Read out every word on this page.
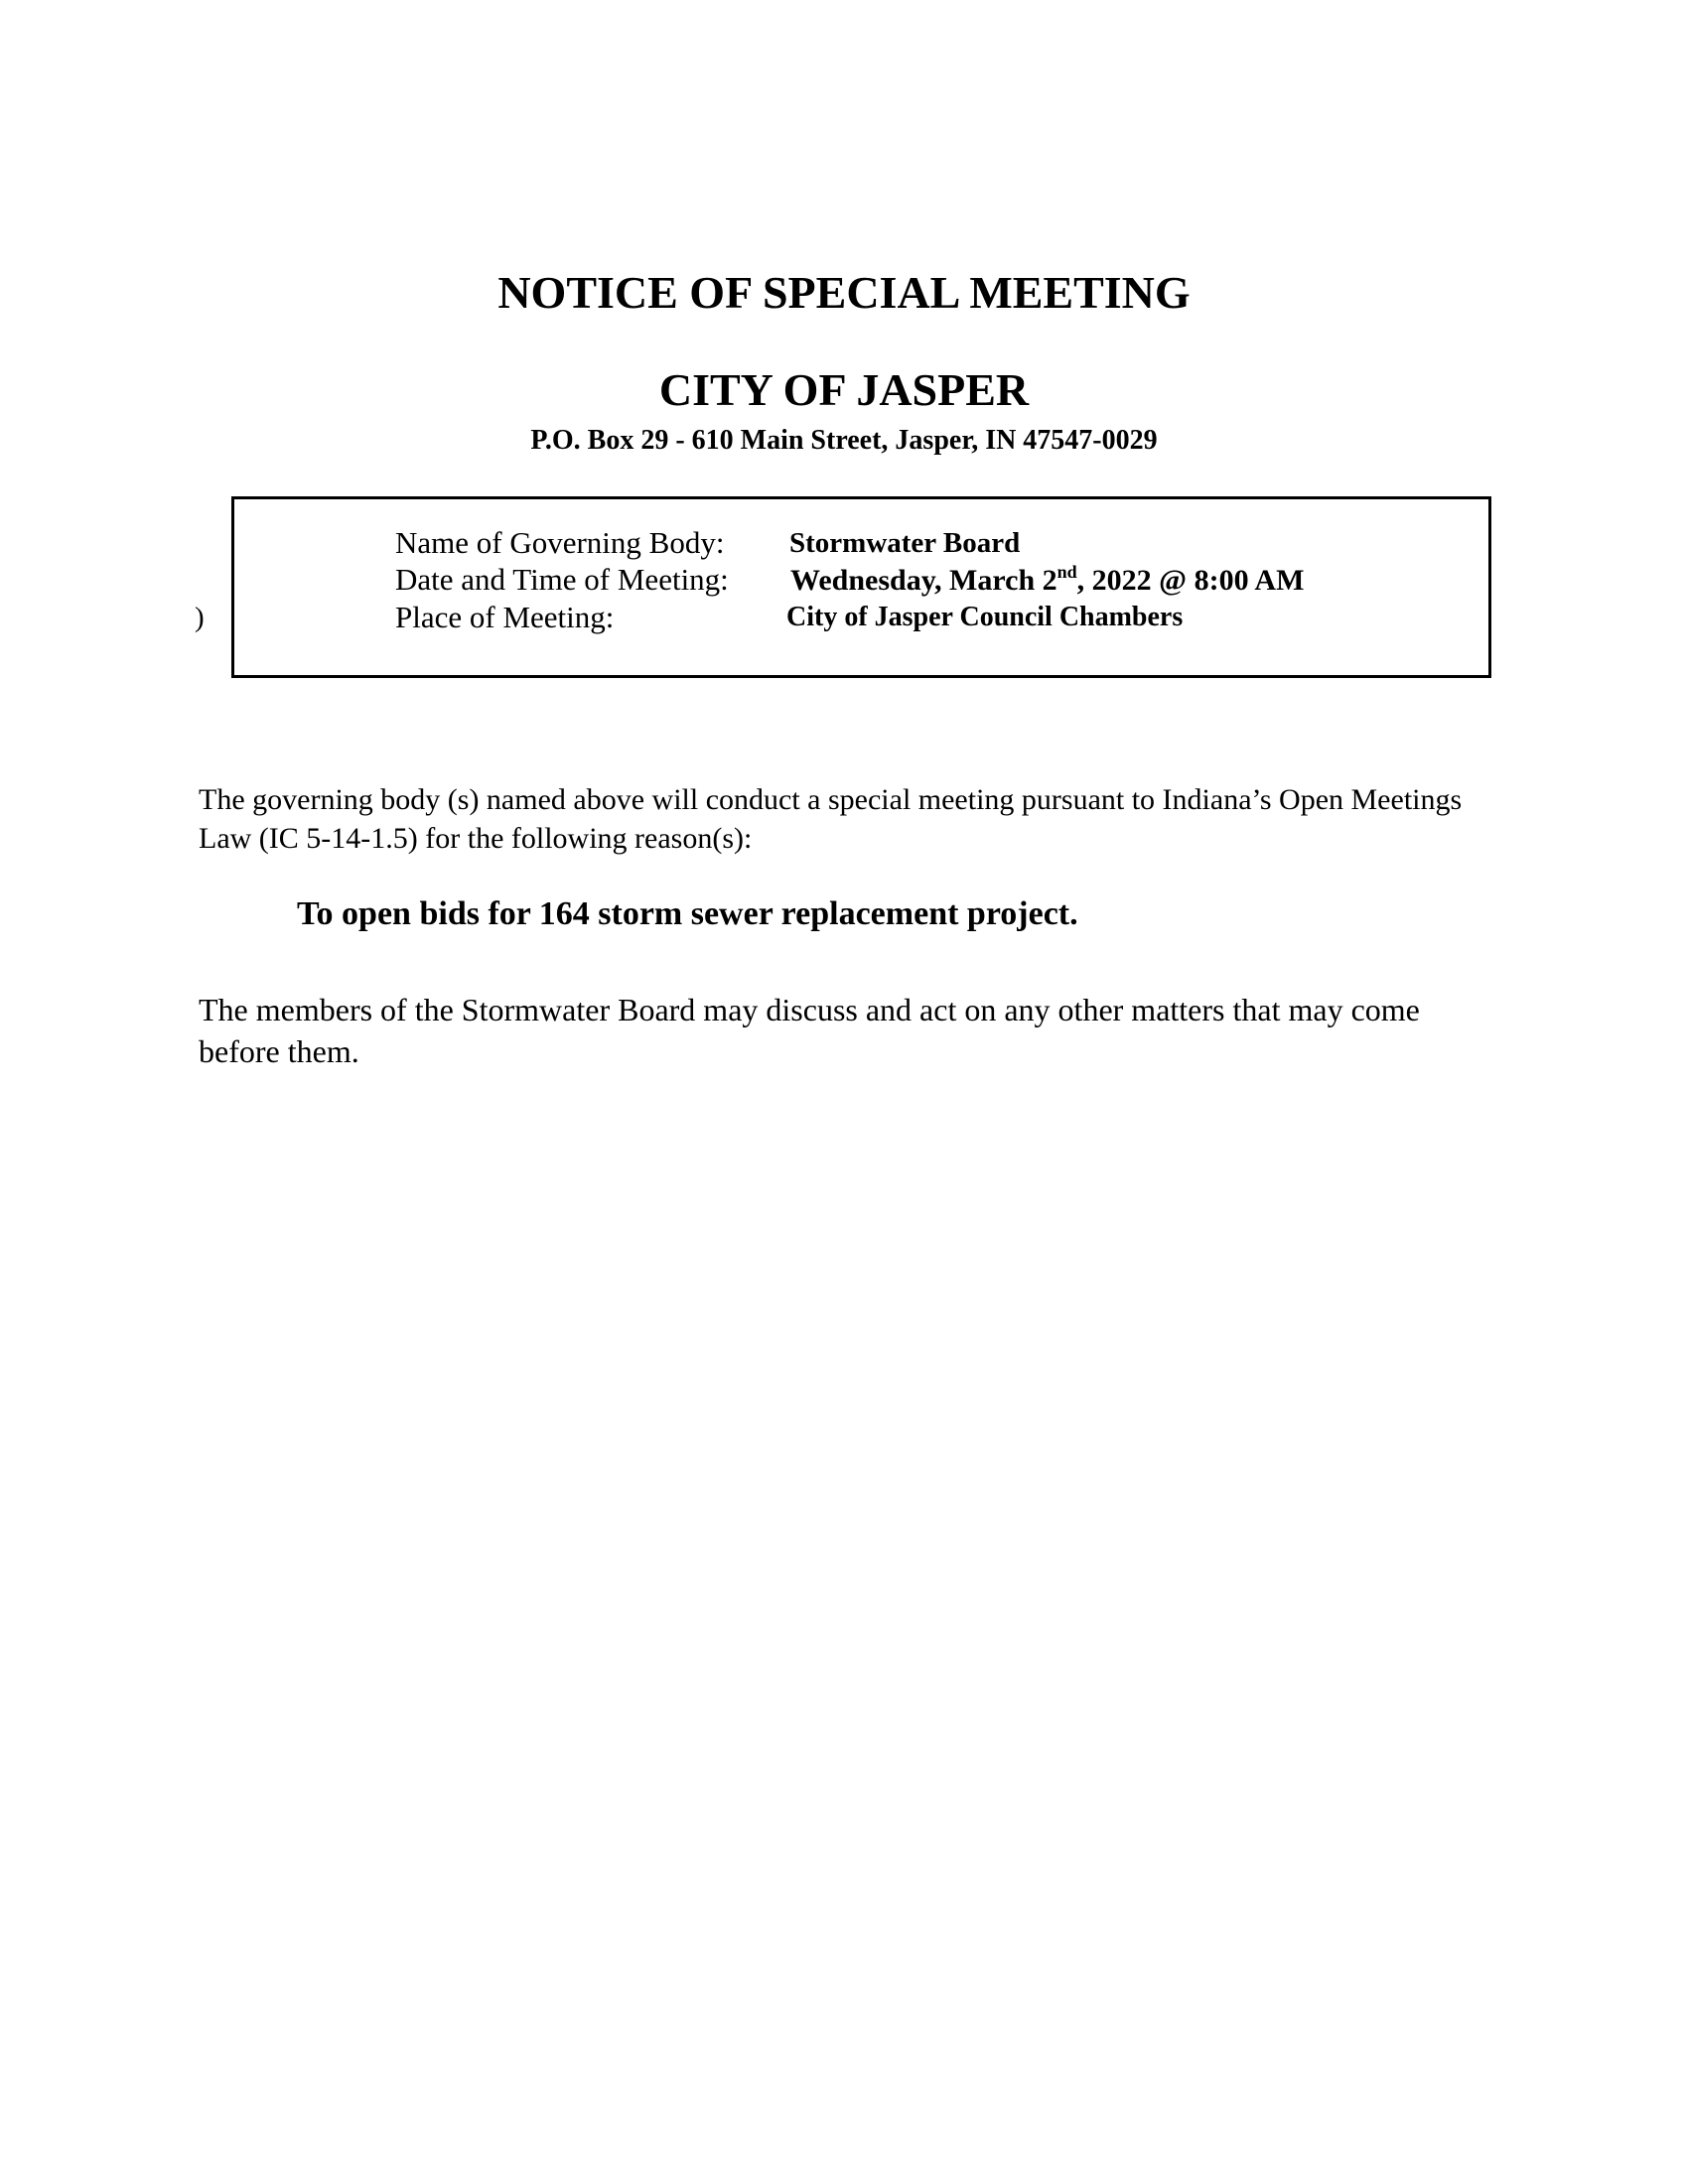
NOTICE OF SPECIAL MEETING
CITY OF JASPER
P.O. Box 29 - 610 Main Street, Jasper, IN 47547-0029
)
Name of Governing Body: Stormwater Board
Date and Time of Meeting: Wednesday, March 2nd, 2022 @ 8:00 AM
Place of Meeting:	City of Jasper Council Chambers

The governing body (s) named above will conduct a special meeting pursuant to Indiana’s Open Meetings Law (IC 5-14-1.5) for the following reason(s):

To open bids for 164 storm sewer replacement project.

The members of the Stormwater Board may discuss and act on any other matters that may come before them.
